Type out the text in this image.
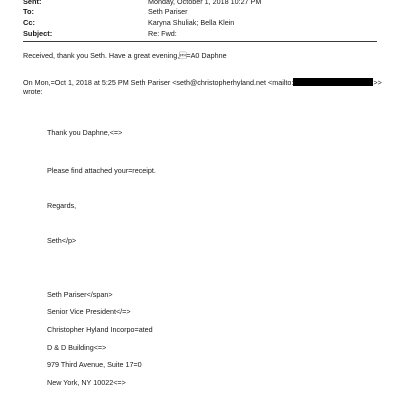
Sent:	Monday, October 1, 2018 10:27 PM
To:	Seth Pariser
Cc:	Karyna Shuliak; Bella Klein
Subject:	Re: Fwd:
Received, thank you Seth. Have a great evening,=A0 Daphne
On Mon,=Oct 1, 2018 at 5:25 PM Seth Pariser <seth@christopherhyland.net <mailto:	>>
wrote:
Thank you Daphne,<=>
Please find attached your=receipt.
Regards,
Seth</p>
Seth Pariser</span>
Senior Vice President</=>
Christopher Hyland Incorpo=ated
D & D Building<=>
979 Third Avenue, Suite 17=0
New York, NY 10022<=>
